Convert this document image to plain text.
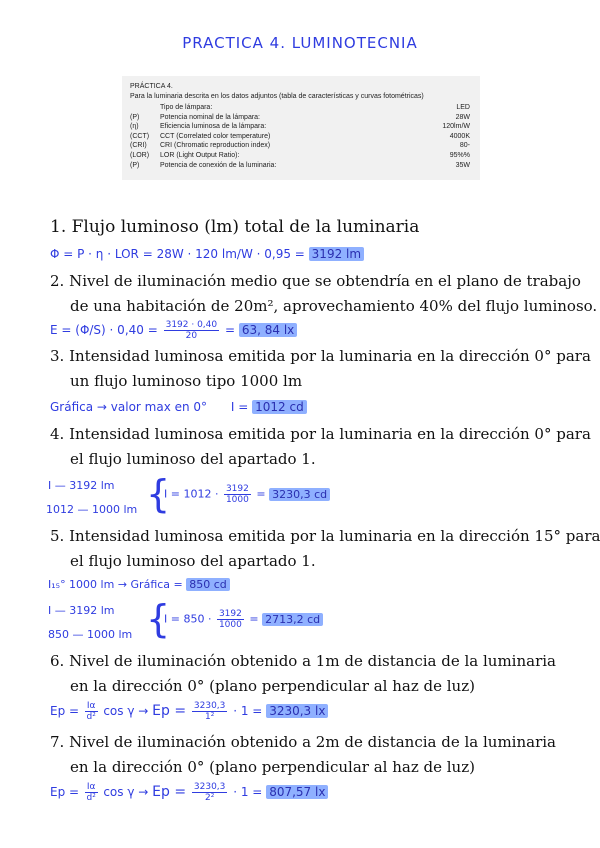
PRACTICA 4. LUMINOTECNIA
PRÁCTICA 4.
Para la luminaria descrita en los datos adjuntos (tabla de características y curvas fotométricas)
Tipo de lámpara:	LED
(P)	Potencia nominal de la lámpara:	28W
(η)	Eficiencia luminosa de la lámpara:	120lm/W
(CCT) CCT (Correlated color temperature)	4000K
(CRI) CRI (Chromatic reproduction index)	80-
(LOR) LOR (Light Output Ratio):	95%%
(P)	Potencia de conexión de la luminaria:	35W
1. Flujo luminoso (lm) total de la luminaria
Φ = P · η · LOR = 28W · 120 lm/W · 0,95 = 3192 lm
2. Nivel de iluminación medio que se obtendría en el plano de trabajo
de una habitación de 20m², aprovechamiento 40% del flujo luminoso.
$E = (\Phi/S) \cdot 0,40 = \frac{3192 \cdot 0,40}{20} = 63$, 84 lx
3. Intensidad luminosa emitida por la luminaria en la dirección 0° para
un flujo luminoso tipo 1000 lm
Gráfica → valor max en 0° I = 1012 cd
4. Intensidad luminosa emitida por la luminaria en la dirección 0° para
el flujo luminoso del apartado 1.
I — 3192 lm
1012 — 1000 lm {
$I = 1012 \cdot \frac{3192}{1000} = 3230,3$ cd
5. Intensidad luminosa emitida por la luminaria en la dirección 15° para
el flujo luminoso del apartado 1.
I₁₅° 1000 lm → Gráfica = 850 cd
I — 3192 lm
850 — 1000 lm {
$I = 850 \cdot \frac{3192}{1000} = 2713,2$ cd
6. Nivel de iluminación obtenido a 1m de distancia de la luminaria
en la dirección 0° (plano perpendicular al haz de luz)
$Ep = \frac{I\alpha}{\text{d²}}$ $\cos \gamma \to Ep = \frac{3230,3}{\text{1²}} \cdot 1 = 3230,3$ lx
7. Nivel de iluminación obtenido a 2m de distancia de la luminaria
en la dirección 0° (plano perpendicular al haz de luz)
$Ep = \frac{I\alpha}{\text{d²}}$ $\cos \gamma \to Ep = \frac{3230,3}{\text{2²}} \cdot 1 = 807,57$ lx
